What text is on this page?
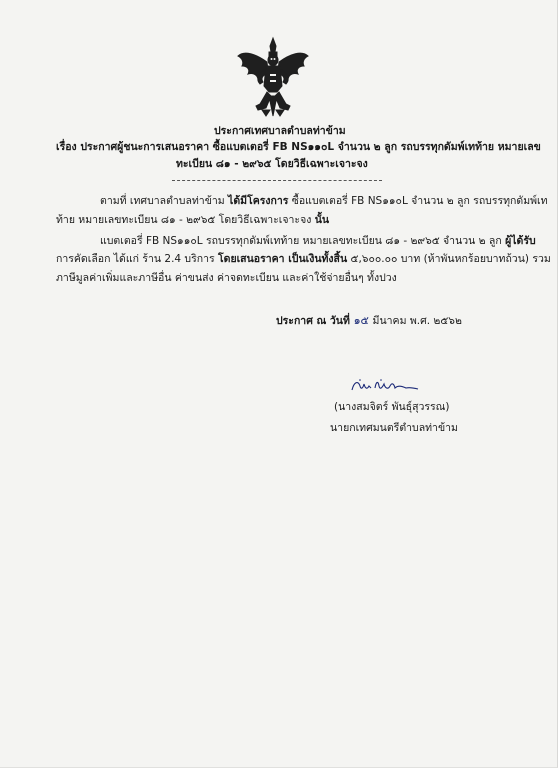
ประกาศเทศบาลตำบลท่าข้าม
เรื่อง ประกาศผู้ชนะการเสนอราคา ซื้อแบตเตอรี่ FB NS๑๑๐L จำนวน ๒ ลูก รถบรรทุกดัมพ์เทท้าย หมายเลข
ทะเบียน ๘๑ - ๒๙๖๕ โดยวิธีเฉพาะเจาะจง
ตามที่ เทศบาลตำบลท่าข้าม ได้มีโครงการ ซื้อแบตเตอรี่ FB NS๑๑๐L จำนวน ๒ ลูก รถบรรทุกดัมพ์เท
ท้าย หมายเลขทะเบียน ๘๑ - ๒๙๖๕ โดยวิธีเฉพาะเจาะจง นั้น
แบตเตอรี่ FB NS๑๑๐L รถบรรทุกดัมพ์เทท้าย หมายเลขทะเบียน ๘๑ - ๒๙๖๕ จำนวน ๒ ลูก ผู้ได้รับ
การคัดเลือก ได้แก่ ร้าน 2.4 บริการ โดยเสนอราคา เป็นเงินทั้งสิ้น ๕,๖๐๐.๐๐ บาท (ห้าพันหกร้อยบาทถ้วน) รวม
ภาษีมูลค่าเพิ่มและภาษีอื่น ค่าขนส่ง ค่าจดทะเบียน และค่าใช้จ่ายอื่นๆ ทั้งปวง
ประกาศ ณ วันที่ ๑๕ มีนาคม พ.ศ. ๒๕๖๒
(นางสมจิตร์ พันธุ์สุวรรณ)
นายกเทศมนตรีตำบลท่าข้าม
